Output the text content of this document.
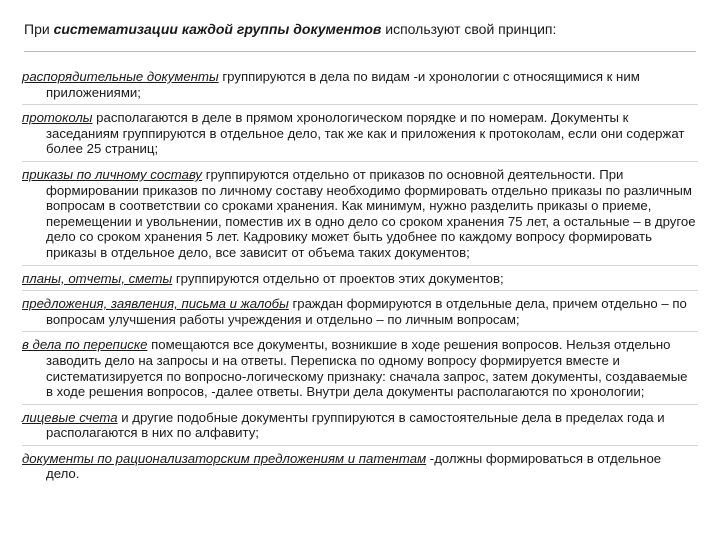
При систематизации каждой группы документов используют свой принцип:

распорядительные документы группируются в дела по видам -и хронологии с относящимися к ним приложениями;

протоколы располагаются в деле в прямом хронологическом порядке и по номерам. Документы к заседаниям группируются в отдельное дело, так же как и приложения к протоколам, если они содержат более 25 страниц;

приказы по личному составу группируются отдельно от приказов по основной деятельности. При формировании приказов по личному составу необходимо формировать отдельно приказы по различным вопросам в соответствии со сроками хранения. Как минимум, нужно разделить приказы о приеме, перемещении и увольнении, поместив их в одно дело со сроком хранения 75 лет, а остальные – в другое дело со сроком хранения 5 лет. Кадровику может быть удобнее по каждому вопросу формировать приказы в отдельное дело, все зависит от объема таких документов;

планы, отчеты, сметы группируются отдельно от проектов этих документов;

предложения, заявления, письма и жалобы граждан формируются в отдельные дела, причем отдельно – по вопросам улучшения работы учреждения и отдельно – по личным вопросам;

в дела по переписке помещаются все документы, возникшие в ходе решения вопросов. Нельзя отдельно заводить дело на запросы и на ответы. Переписка по одному вопросу формируется вместе и систематизируется по вопросно-логическому признаку: сначала запрос, затем документы, создаваемые в ходе решения вопросов, -далее ответы. Внутри дела документы располагаются по хронологии;

лицевые счета и другие подобные документы группируются в самостоятельные дела в пределах года и располагаются в них по алфавиту;

документы по рационализаторским предложениям и патентам -должны формироваться в отдельное дело.
